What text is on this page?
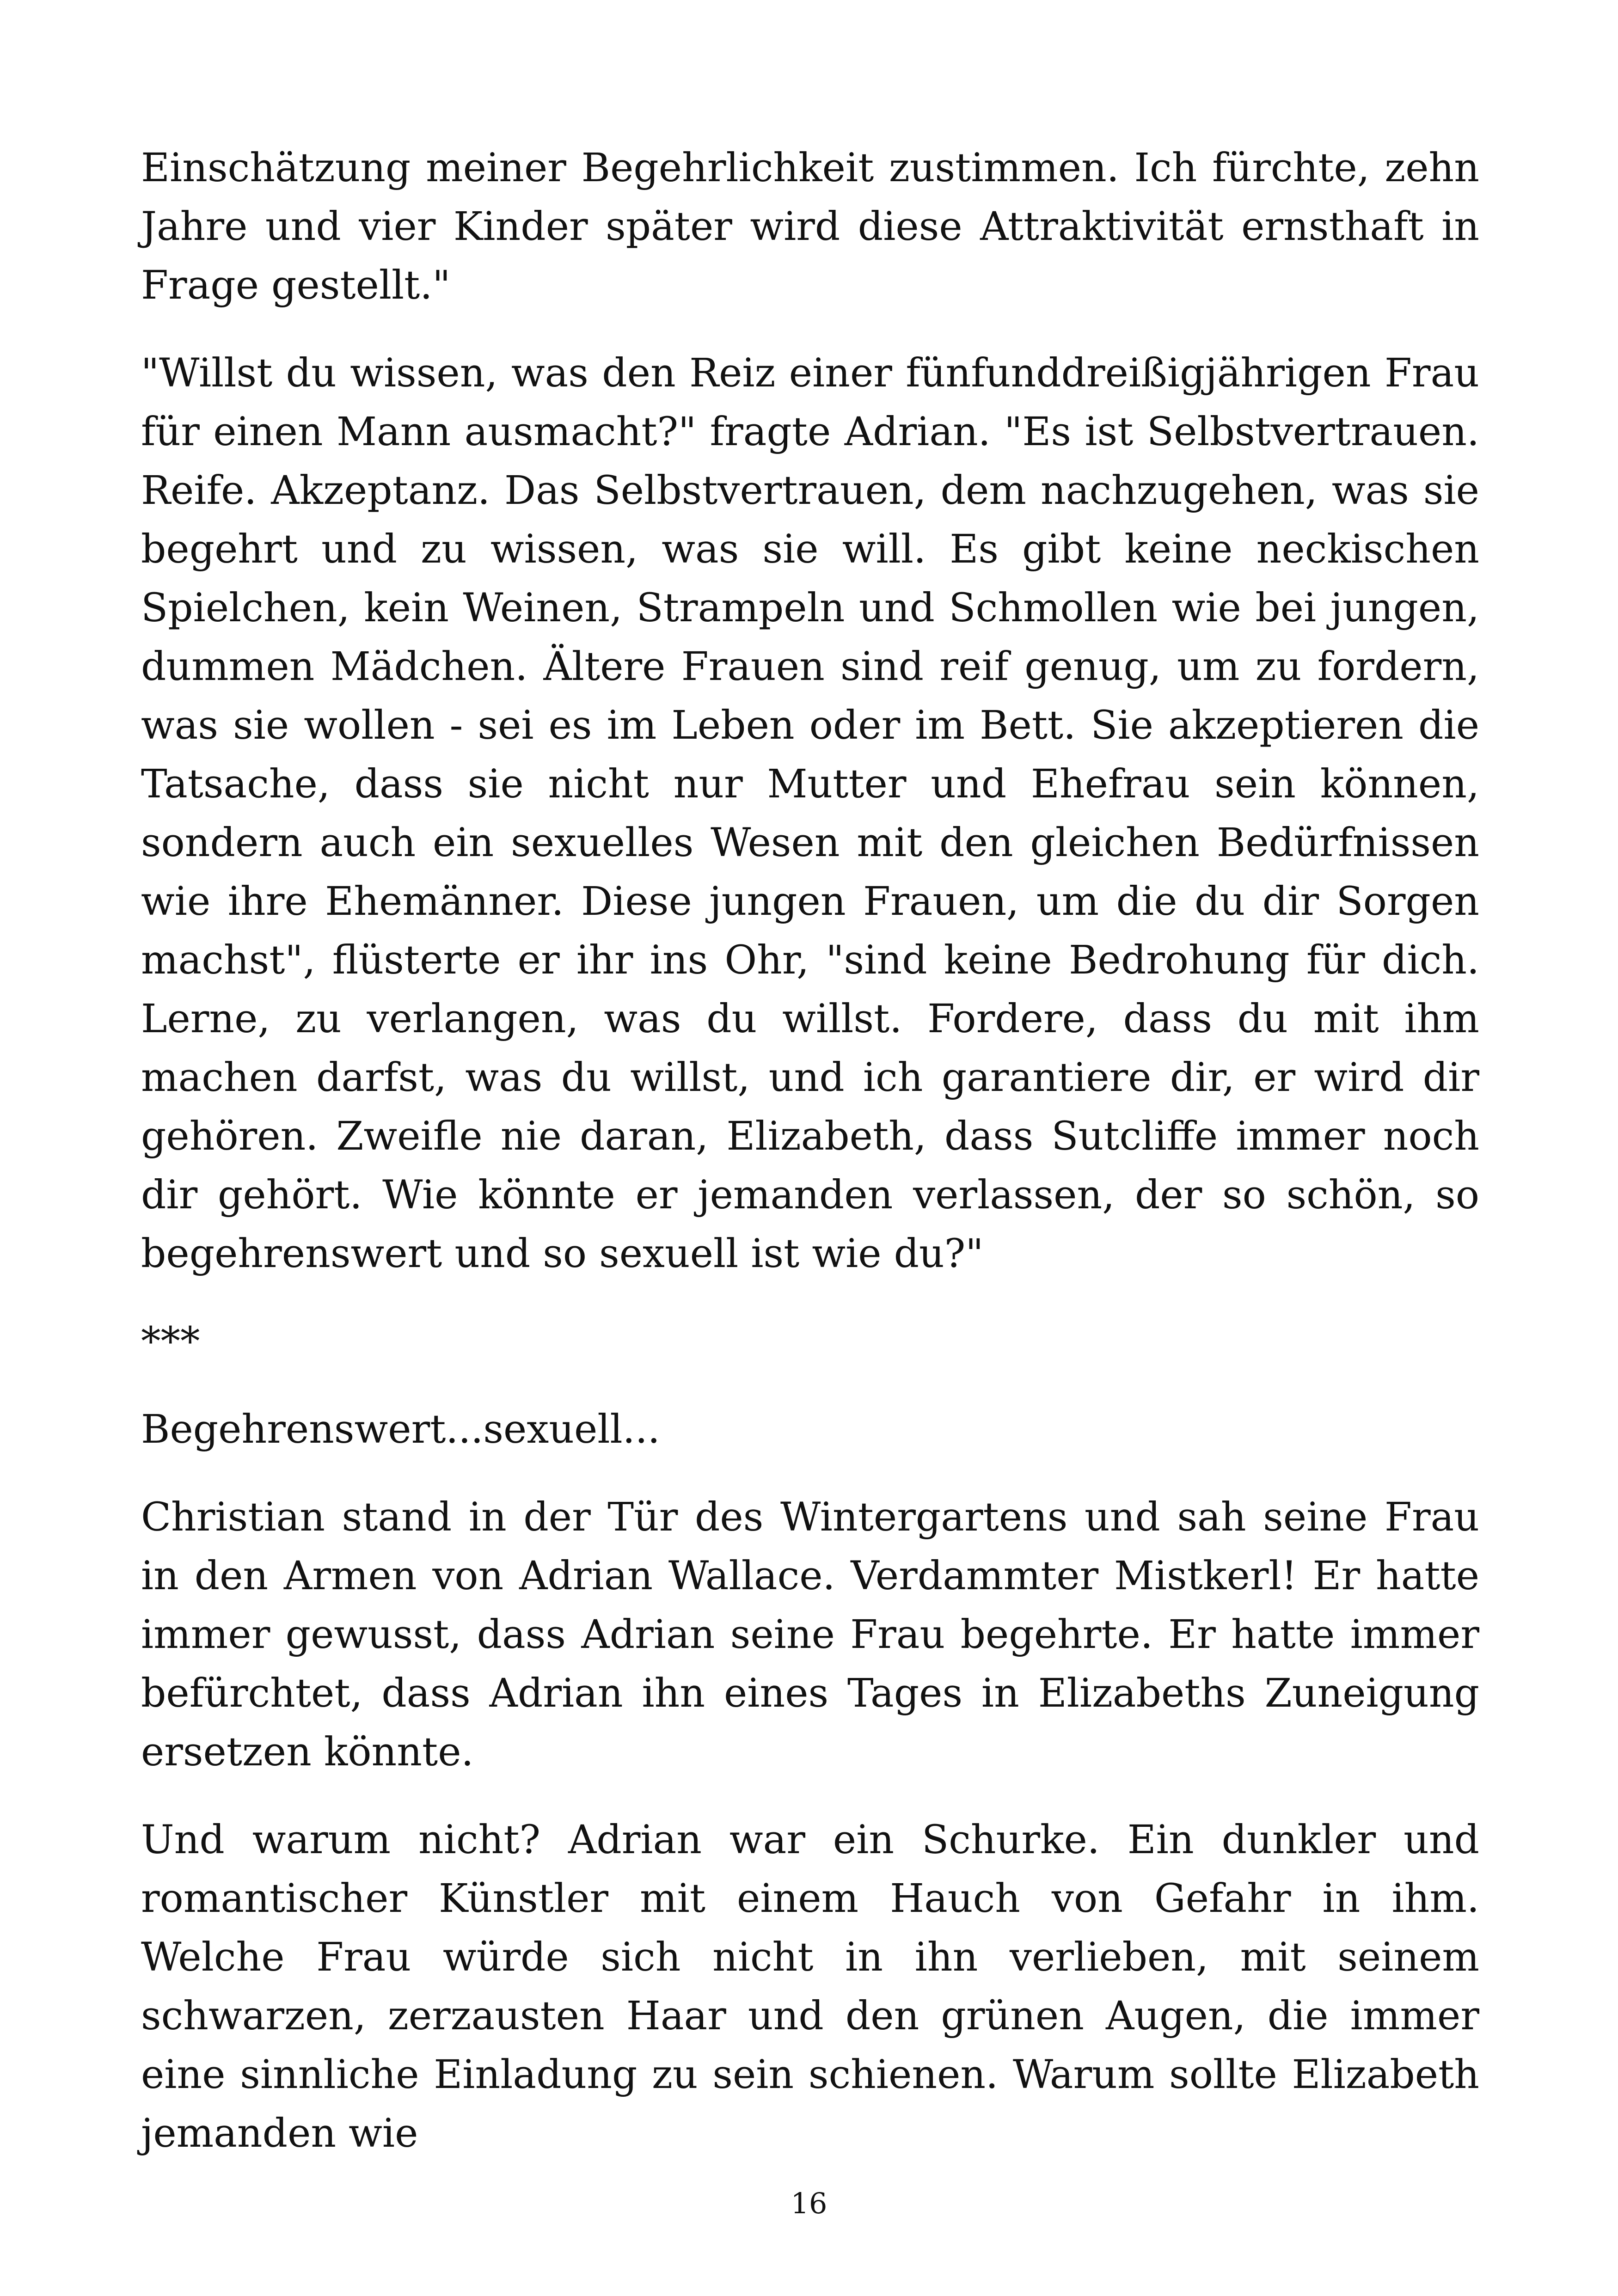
Einschätzung meiner Begehrlichkeit zustimmen. Ich fürchte, zehn Jahre und vier Kinder später wird diese Attraktivität ernsthaft in Frage gestellt."

"Willst du wissen, was den Reiz einer fünfunddreißigjährigen Frau für einen Mann ausmacht?" fragte Adrian. "Es ist Selbstvertrauen. Reife. Akzeptanz. Das Selbstvertrauen, dem nachzugehen, was sie begehrt und zu wissen, was sie will. Es gibt keine neckischen Spielchen, kein Weinen, Strampeln und Schmollen wie bei jungen, dummen Mädchen. Ältere Frauen sind reif genug, um zu fordern, was sie wollen - sei es im Leben oder im Bett. Sie akzeptieren die Tatsache, dass sie nicht nur Mutter und Ehefrau sein können, sondern auch ein sexuelles Wesen mit den gleichen Bedürfnissen wie ihre Ehemänner. Diese jungen Frauen, um die du dir Sorgen machst", flüsterte er ihr ins Ohr, "sind keine Bedrohung für dich. Lerne, zu verlangen, was du willst. Fordere, dass du mit ihm machen darfst, was du willst, und ich garantiere dir, er wird dir gehören. Zweifle nie daran, Elizabeth, dass Sutcliffe immer noch dir gehört. Wie könnte er jemanden verlassen, der so schön, so begehrenswert und so sexuell ist wie du?"

***

Begehrenswert...sexuell...

Christian stand in der Tür des Wintergartens und sah seine Frau in den Armen von Adrian Wallace. Verdammter Mistkerl! Er hatte immer gewusst, dass Adrian seine Frau begehrte. Er hatte immer befürchtet, dass Adrian ihn eines Tages in Elizabeths Zuneigung ersetzen könnte.

Und warum nicht? Adrian war ein Schurke. Ein dunkler und romantischer Künstler mit einem Hauch von Gefahr in ihm. Welche Frau würde sich nicht in ihn verlieben, mit seinem schwarzen, zerzausten Haar und den grünen Augen, die immer eine sinnliche Einladung zu sein schienen. Warum sollte Elizabeth jemanden wie

16
